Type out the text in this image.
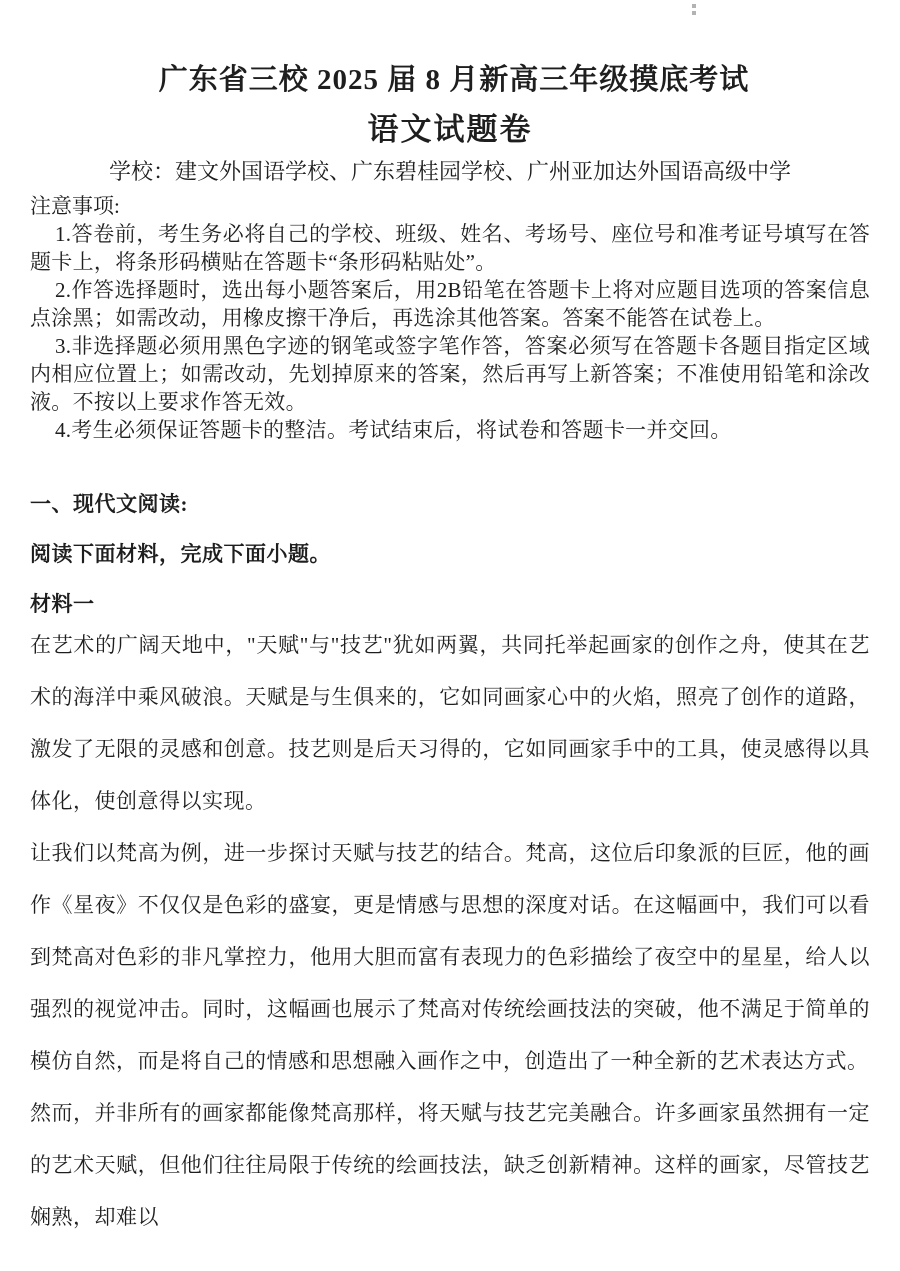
广东省三校 2025 届 8 月新高三年级摸底考试
语文试题卷
学校：建文外国语学校、广东碧桂园学校、广州亚加达外国语高级中学
注意事项:

1.答卷前，考生务必将自己的学校、班级、姓名、考场号、座位号和准考证号填写在答题卡上，将条形码横贴在答题卡“条形码粘贴处”。

2.作答选择题时，选出每小题答案后，用2B铅笔在答题卡上将对应题目选项的答案信息点涂黑；如需改动，用橡皮擦干净后，再选涂其他答案。答案不能答在试卷上。

3.非选择题必须用黑色字迹的钢笔或签字笔作答，答案必须写在答题卡各题目指定区域内相应位置上；如需改动，先划掉原来的答案，然后再写上新答案；不准使用铅笔和涂改液。不按以上要求作答无效。

4.考生必须保证答题卡的整洁。考试结束后，将试卷和答题卡一并交回。

一、现代文阅读:
阅读下面材料，完成下面小题。
材料一

在艺术的广阔天地中，"天赋"与"技艺"犹如两翼，共同托举起画家的创作之舟，使其在艺术的海洋中乘风破浪。天赋是与生俱来的，它如同画家心中的火焰，照亮了创作的道路，激发了无限的灵感和创意。技艺则是后天习得的，它如同画家手中的工具，使灵感得以具体化，使创意得以实现。

让我们以梵高为例，进一步探讨天赋与技艺的结合。梵高，这位后印象派的巨匠，他的画作《星夜》不仅仅是色彩的盛宴，更是情感与思想的深度对话。在这幅画中，我们可以看到梵高对色彩的非凡掌控力，他用大胆而富有表现力的色彩描绘了夜空中的星星，给人以强烈的视觉冲击。同时，这幅画也展示了梵高对传统绘画技法的突破，他不满足于简单的模仿自然，而是将自己的情感和思想融入画作之中，创造出了一种全新的艺术表达方式。

然而，并非所有的画家都能像梵高那样，将天赋与技艺完美融合。许多画家虽然拥有一定的艺术天赋，但他们往往局限于传统的绘画技法，缺乏创新精神。这样的画家，尽管技艺娴熟，却难以
